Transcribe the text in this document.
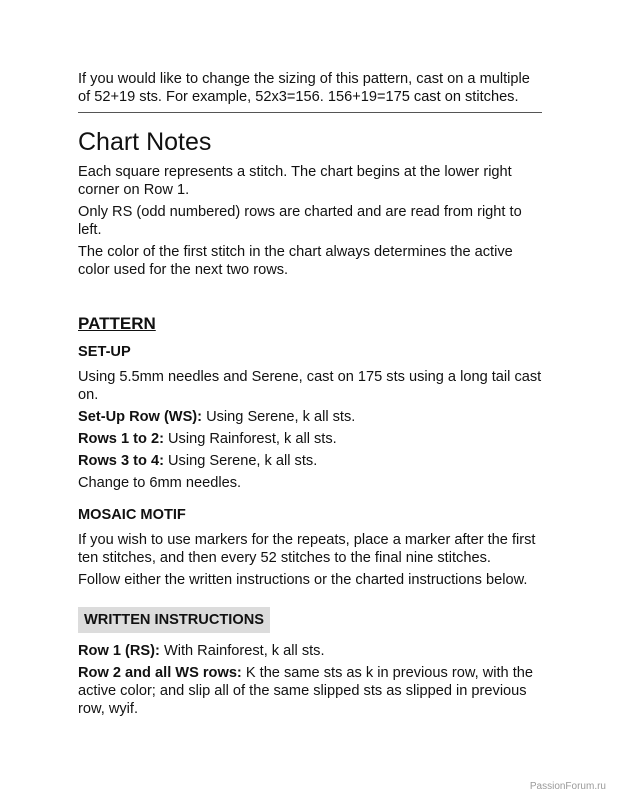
If you would like to change the sizing of this pattern, cast on a multiple of 52+19 sts. For example, 52x3=156. 156+19=175 cast on stitches.

Chart Notes

Each square represents a stitch. The chart begins at the lower right corner on Row 1.

Only RS (odd numbered) rows are charted and are read from right to left.

The color of the first stitch in the chart always determines the active color used for the next two rows.

PATTERN
SET-UP

Using 5.5mm needles and Serene, cast on 175 sts using a long tail cast on.

Set-Up Row (WS): Using Serene, k all sts.

Rows 1 to 2: Using Rainforest, k all sts.

Rows 3 to 4: Using Serene, k all sts.

Change to 6mm needles.

MOSAIC MOTIF

If you wish to use markers for the repeats, place a marker after the first ten stitches, and then every 52 stitches to the final nine stitches.

Follow either the written instructions or the charted instructions below.

WRITTEN INSTRUCTIONS

Row 1 (RS): With Rainforest, k all sts.

Row 2 and all WS rows: K the same sts as k in previous row, with the active color; and slip all of the same slipped sts as slipped in previous row, wyif.

PassionForum.ru
